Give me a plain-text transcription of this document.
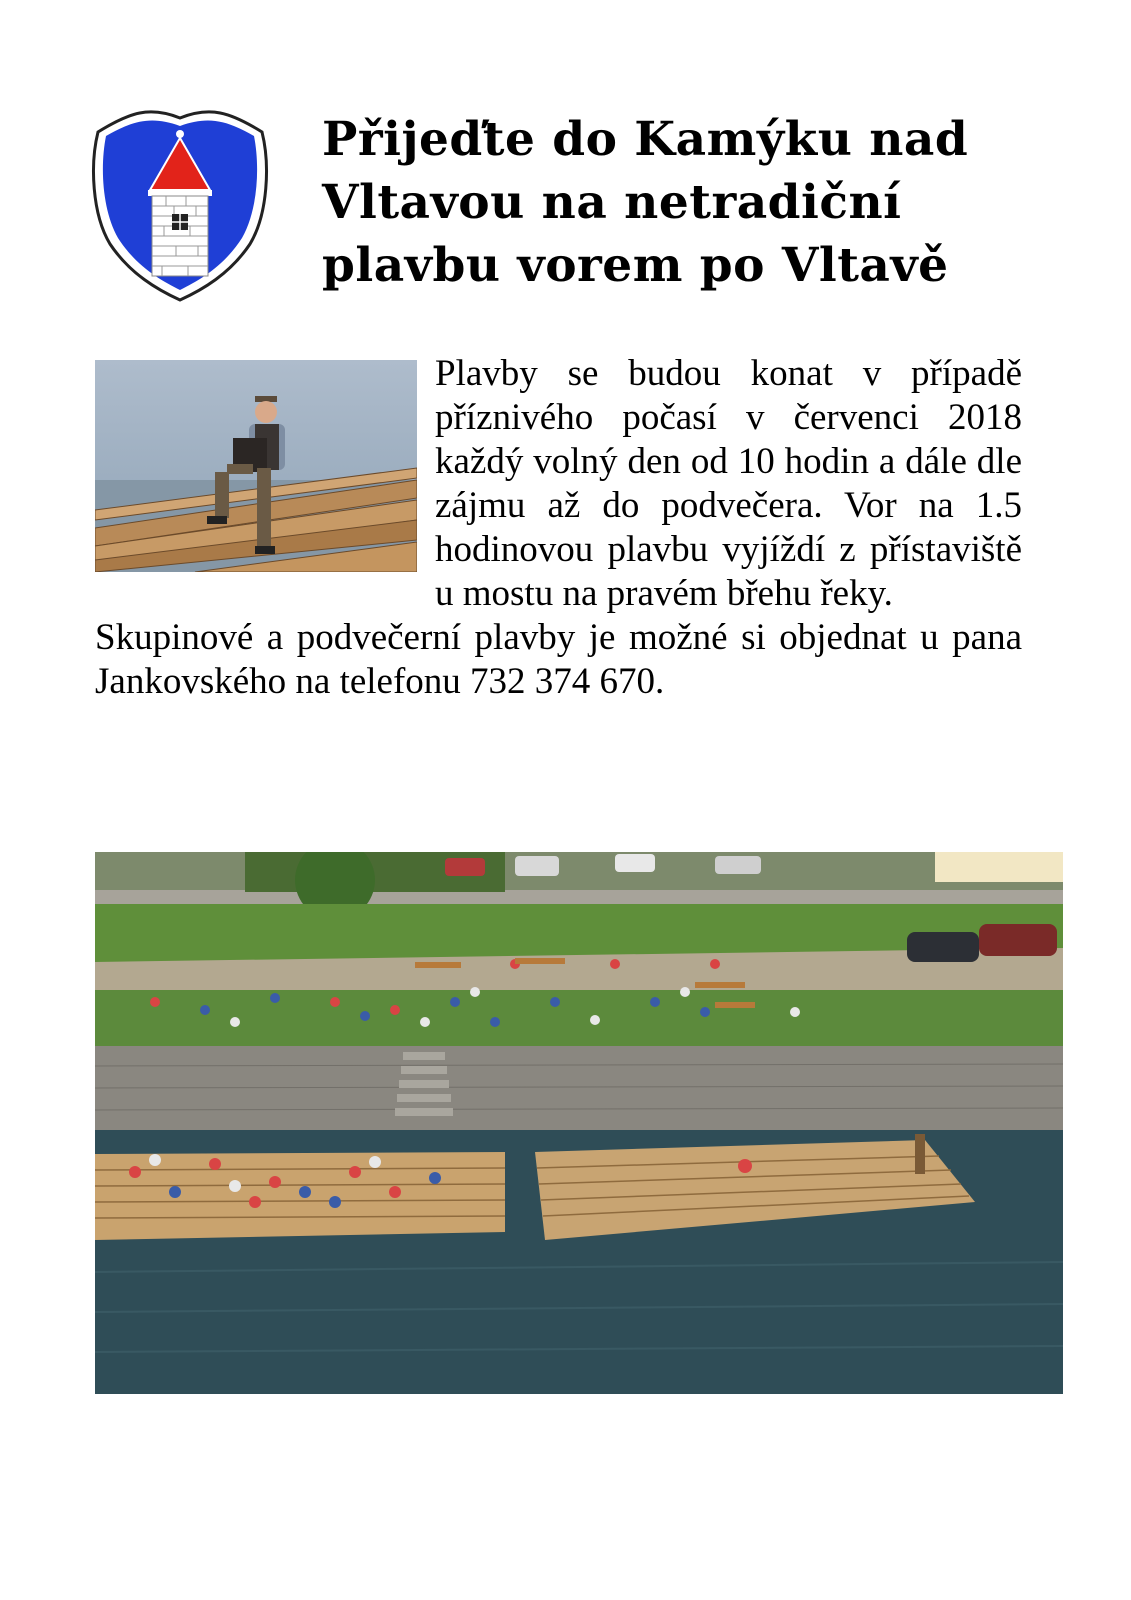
Přijeďte do Kamýku nad
Vltavou na netradiční
plavbu vorem po Vltavě

Plavby se budou konat v případě příznivého počasí v červenci 2018 každý volný den od 10 hodin a dále dle zájmu až do podvečera. Vor na 1.5 hodinovou plavbu vyjíždí z přístaviště u mostu na pravém břehu řeky.

Skupinové a podvečerní plavby je možné si objednat u pana Jankovského na telefonu 732 374 670.
